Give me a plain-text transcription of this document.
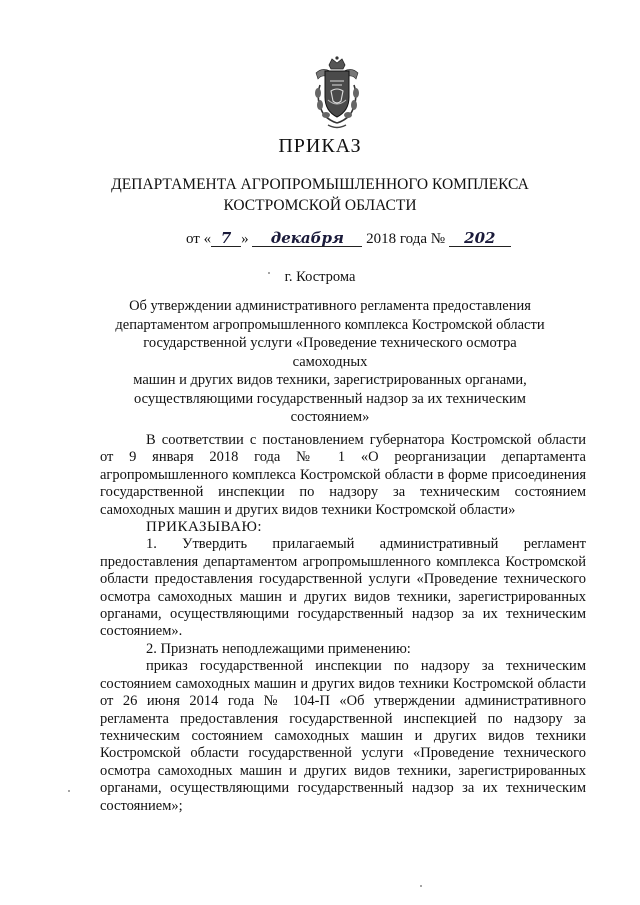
ПРИКАЗ
ДЕПАРТАМЕНТА АГРОПРОМЫШЛЕННОГО КОМПЛЕКСА
КОСТРОМСКОЙ ОБЛАСТИ
от « 7 » декабря 2018 года № 202
г. Кострома
Об утверждении административного регламента предоставления
департаментом агропромышленного комплекса Костромской области
государственной услуги «Проведение технического осмотра самоходных
машин и других видов техники, зарегистрированных органами,
осуществляющими государственный надзор за их техническим
состоянием»

В соответствии с постановлением губернатора Костромской области от 9 января 2018 года № 1 «О реорганизации департамента агропромышленного комплекса Костромской области в форме присоединения государственной инспекции по надзору за техническим состоянием самоходных машин и других видов техники Костромской области»

ПРИКАЗЫВАЮ:

1. Утвердить прилагаемый административный регламент предоставления департаментом агропромышленного комплекса Костромской области предоставления государственной услуги «Проведение технического осмотра самоходных машин и других видов техники, зарегистрированных органами, осуществляющими государственный надзор за их техническим состоянием».

2. Признать неподлежащими применению:

приказ государственной инспекции по надзору за техническим состоянием самоходных машин и других видов техники Костромской области от 26 июня 2014 года № 104-П «Об утверждении административного регламента предоставления государственной инспекцией по надзору за техническим состоянием самоходных машин и других видов техники Костромской области государственной услуги «Проведение технического осмотра самоходных машин и других видов техники, зарегистрированных органами, осуществляющими государственный надзор за их техническим состоянием»;
